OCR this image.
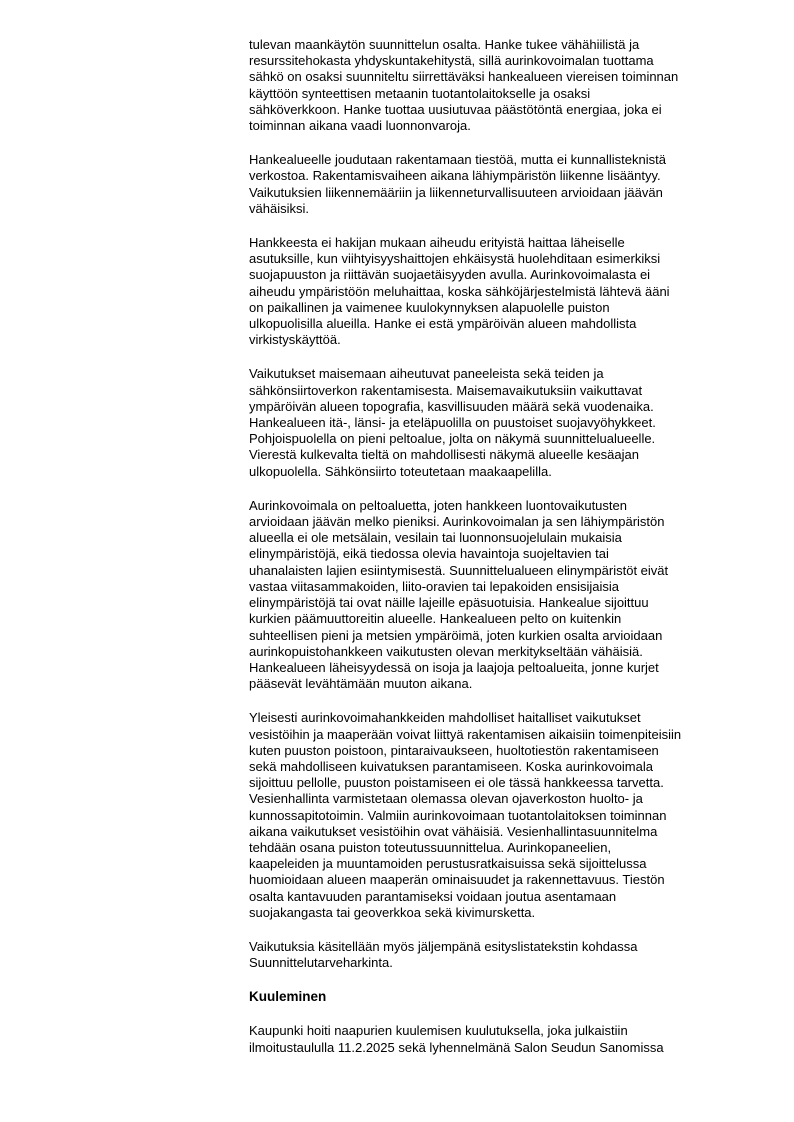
tulevan maankäytön suunnittelun osalta. Hanke tukee vähähiilistä ja
resurssitehokasta yhdyskuntakehitystä, sillä aurinkovoimalan tuottama
sähkö on osaksi suunniteltu siirrettäväksi hankealueen viereisen toiminnan
käyttöön synteettisen metaanin tuotantolaitokselle ja osaksi
sähköverkkoon. Hanke tuottaa uusiutuvaa päästötöntä energiaa, joka ei
toiminnan aikana vaadi luonnonvaroja.

Hankealueelle joudutaan rakentamaan tiestöä, mutta ei kunnallisteknistä
verkostoa. Rakentamisvaiheen aikana lähiympäristön liikenne lisääntyy.
Vaikutuksien liikennemääriin ja liikenneturvallisuuteen arvioidaan jäävän
vähäisiksi.

Hankkeesta ei hakijan mukaan aiheudu erityistä haittaa läheiselle
asutuksille, kun viihtyisyyshaittojen ehkäisystä huolehditaan esimerkiksi
suojapuuston ja riittävän suojaetäisyyden avulla. Aurinkovoimalasta ei
aiheudu ympäristöön meluhaittaa, koska sähköjärjestelmistä lähtevä ääni
on paikallinen ja vaimenee kuulokynnyksen alapuolelle puiston
ulkopuolisilla alueilla. Hanke ei estä ympäröivän alueen mahdollista
virkistyskäyttöä.

Vaikutukset maisemaan aiheutuvat paneeleista sekä teiden ja
sähkönsiirtoverkon rakentamisesta. Maisemavaikutuksiin vaikuttavat
ympäröivän alueen topografia, kasvillisuuden määrä sekä vuodenaika.
Hankealueen itä-, länsi- ja eteläpuolilla on puustoiset suojavyöhykkeet.
Pohjoispuolella on pieni peltoalue, jolta on näkymä suunnittelualueelle.
Vierestä kulkevalta tieltä on mahdollisesti näkymä alueelle kesäajan
ulkopuolella. Sähkönsiirto toteutetaan maakaapelilla.

Aurinkovoimala on peltoaluetta, joten hankkeen luontovaikutusten
arvioidaan jäävän melko pieniksi. Aurinkovoimalan ja sen lähiympäristön
alueella ei ole metsälain, vesilain tai luonnonsuojelulain mukaisia
elinympäristöjä, eikä tiedossa olevia havaintoja suojeltavien tai
uhanalaisten lajien esiintymisestä. Suunnittelualueen elinympäristöt eivät
vastaa viitasammakoiden, liito-oravien tai lepakoiden ensisijaisia
elinympäristöjä tai ovat näille lajeille epäsuotuisia. Hankealue sijoittuu
kurkien päämuuttoreitin alueelle. Hankealueen pelto on kuitenkin
suhteellisen pieni ja metsien ympäröimä, joten kurkien osalta arvioidaan
aurinkopuistohankkeen vaikutusten olevan merkitykseltään vähäisiä.
Hankealueen läheisyydessä on isoja ja laajoja peltoalueita, jonne kurjet
pääsevät levähtämään muuton aikana.

Yleisesti aurinkovoimahankkeiden mahdolliset haitalliset vaikutukset
vesistöihin ja maaperään voivat liittyä rakentamisen aikaisiin toimenpiteisiin
kuten puuston poistoon, pintaraivaukseen, huoltotiestön rakentamiseen
sekä mahdolliseen kuivatuksen parantamiseen. Koska aurinkovoimala
sijoittuu pellolle, puuston poistamiseen ei ole tässä hankkeessa tarvetta.
Vesienhallinta varmistetaan olemassa olevan ojaverkoston huolto- ja
kunnossapitotoimin. Valmiin aurinkovoimaan tuotantolaitoksen toiminnan
aikana vaikutukset vesistöihin ovat vähäisiä. Vesienhallintasuunnitelma
tehdään osana puiston toteutussuunnittelua. Aurinkopaneelien,
kaapeleiden ja muuntamoiden perustusratkaisuissa sekä sijoittelussa
huomioidaan alueen maaperän ominaisuudet ja rakennettavuus. Tiestön
osalta kantavuuden parantamiseksi voidaan joutua asentamaan
suojakangasta tai geoverkkoa sekä kivimursketta.

Vaikutuksia käsitellään myös jäljempänä esityslistatekstin kohdassa
Suunnittelutarveharkinta.

Kuuleminen

Kaupunki hoiti naapurien kuulemisen kuulutuksella, joka julkaistiin
ilmoitustaululla 11.2.2025 sekä lyhennelmänä Salon Seudun Sanomissa
